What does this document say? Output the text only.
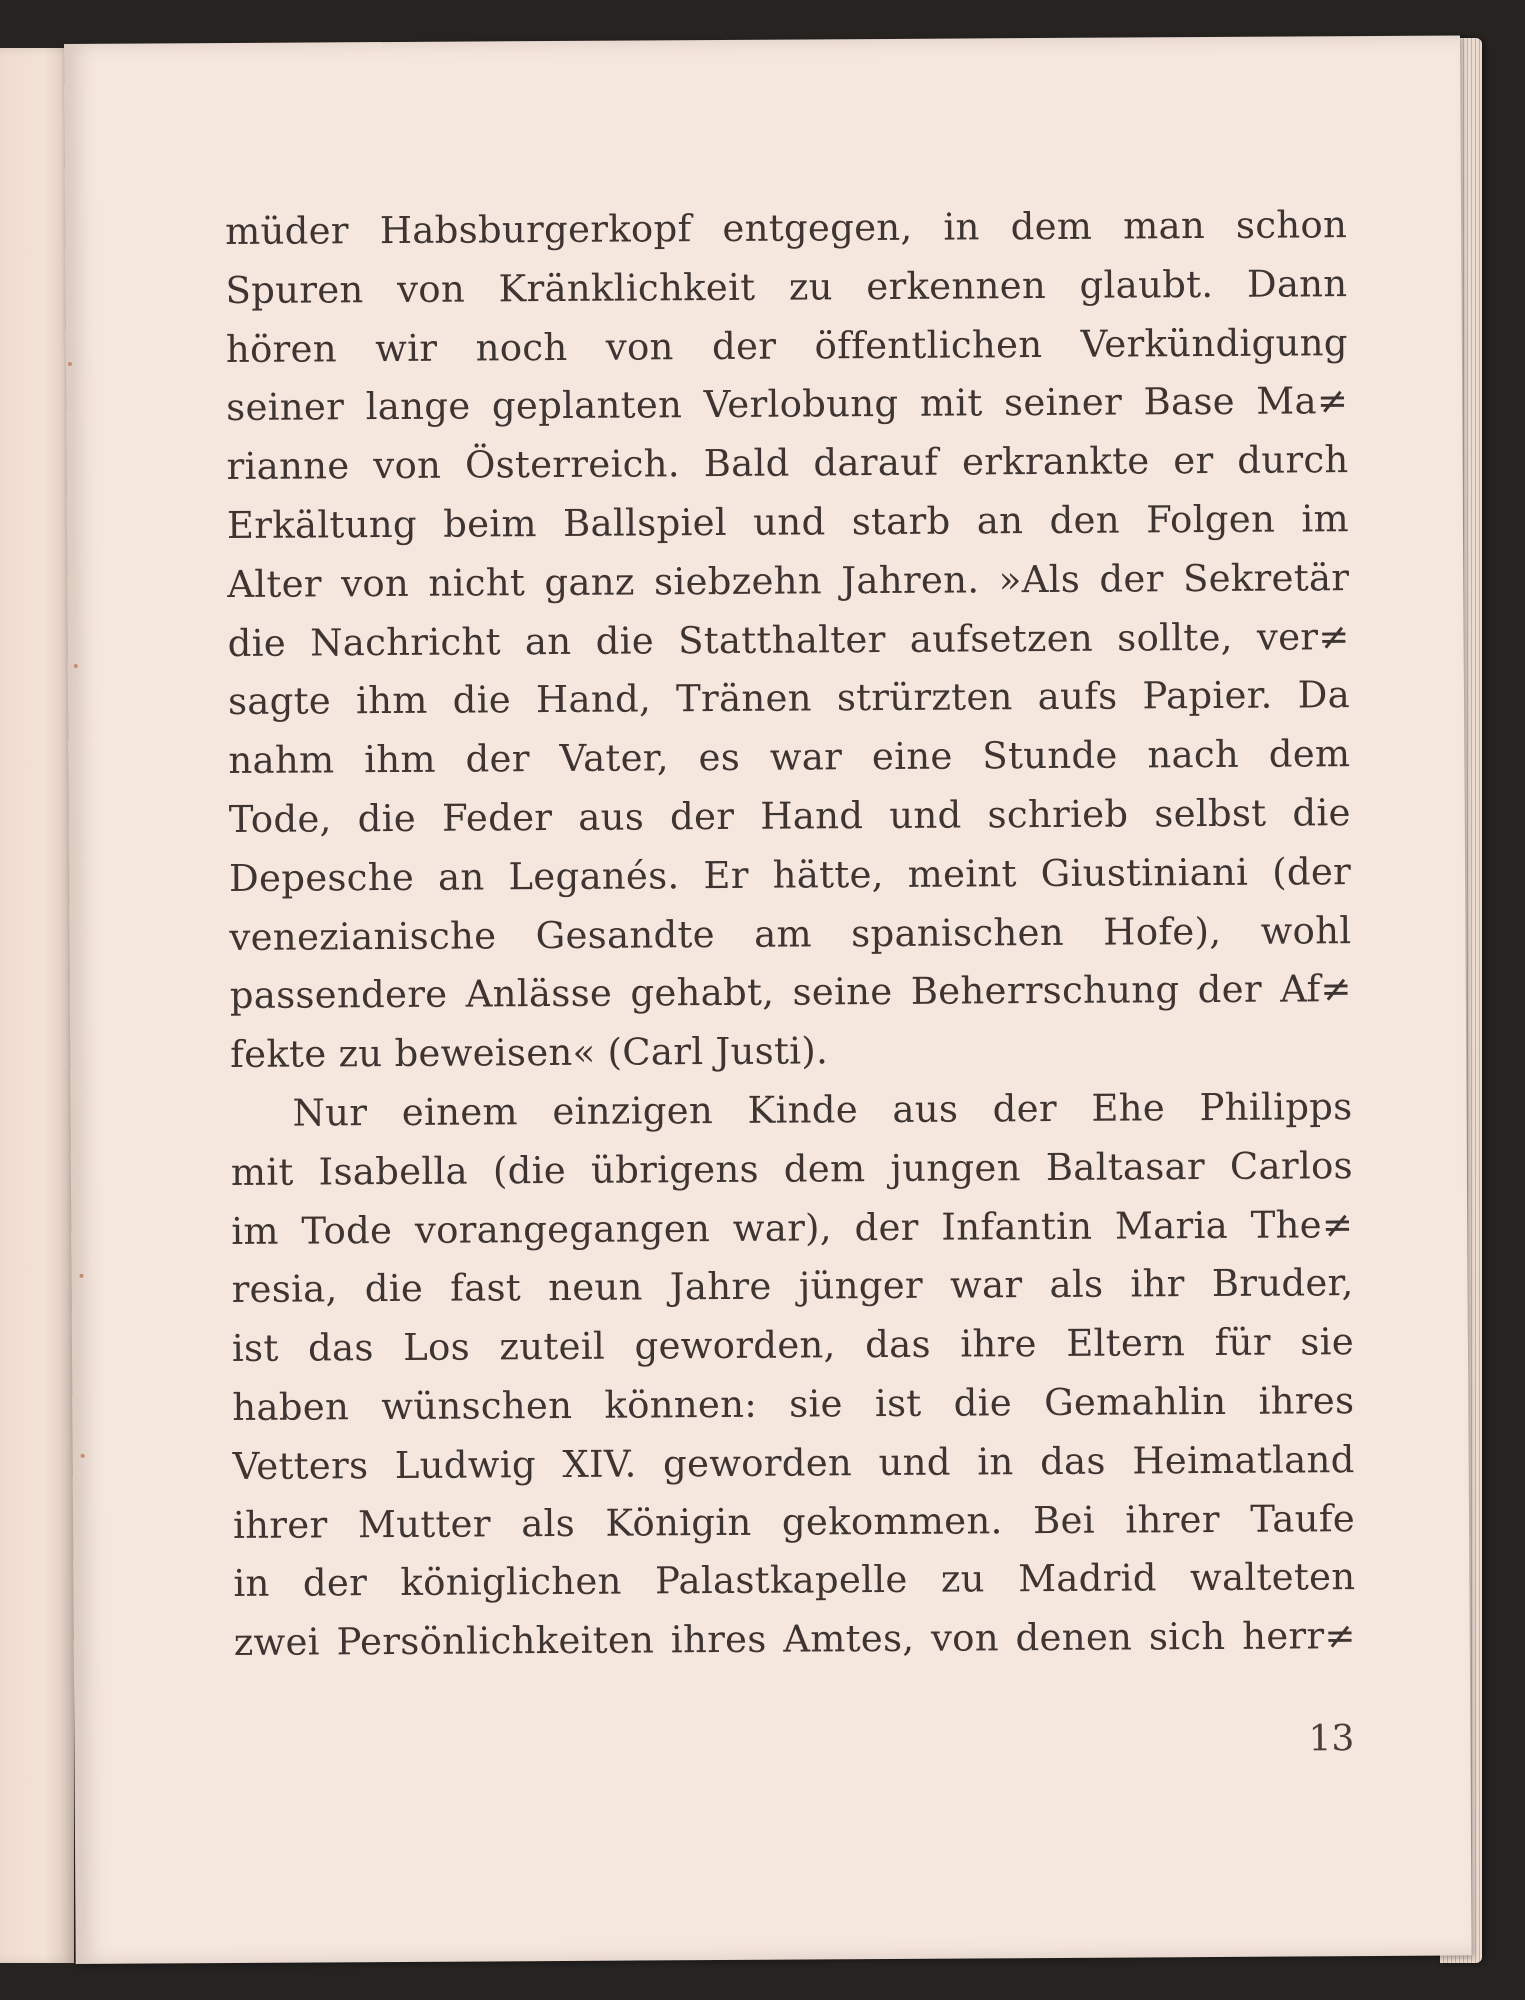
müder Habsburgerkopf entgegen, in dem man schon
Spuren von Kränklichkeit zu erkennen glaubt. Dann
hören wir noch von der öffentlichen Verkündigung
seiner lange geplanten Verlobung mit seiner Base Ma≠
rianne von Österreich. Bald darauf erkrankte er durch
Erkältung beim Ballspiel und starb an den Folgen im
Alter von nicht ganz siebzehn Jahren. »Als der Sekretär
die Nachricht an die Statthalter aufsetzen sollte, ver≠
sagte ihm die Hand, Tränen strürzten aufs Papier. Da
nahm ihm der Vater, es war eine Stunde nach dem
Tode, die Feder aus der Hand und schrieb selbst die
Depesche an Leganés. Er hätte, meint Giustiniani (der
venezianische Gesandte am spanischen Hofe), wohl
passendere Anlässe gehabt, seine Beherrschung der Af≠
fekte zu beweisen« (Carl Justi).
Nur einem einzigen Kinde aus der Ehe Philipps
mit Isabella (die übrigens dem jungen Baltasar Carlos
im Tode vorangegangen war), der Infantin Maria The≠
resia, die fast neun Jahre jünger war als ihr Bruder,
ist das Los zuteil geworden, das ihre Eltern für sie
haben wünschen können: sie ist die Gemahlin ihres
Vetters Ludwig XIV. geworden und in das Heimatland
ihrer Mutter als Königin gekommen. Bei ihrer Taufe
in der königlichen Palastkapelle zu Madrid walteten
zwei Persönlichkeiten ihres Amtes, von denen sich herr≠
13
